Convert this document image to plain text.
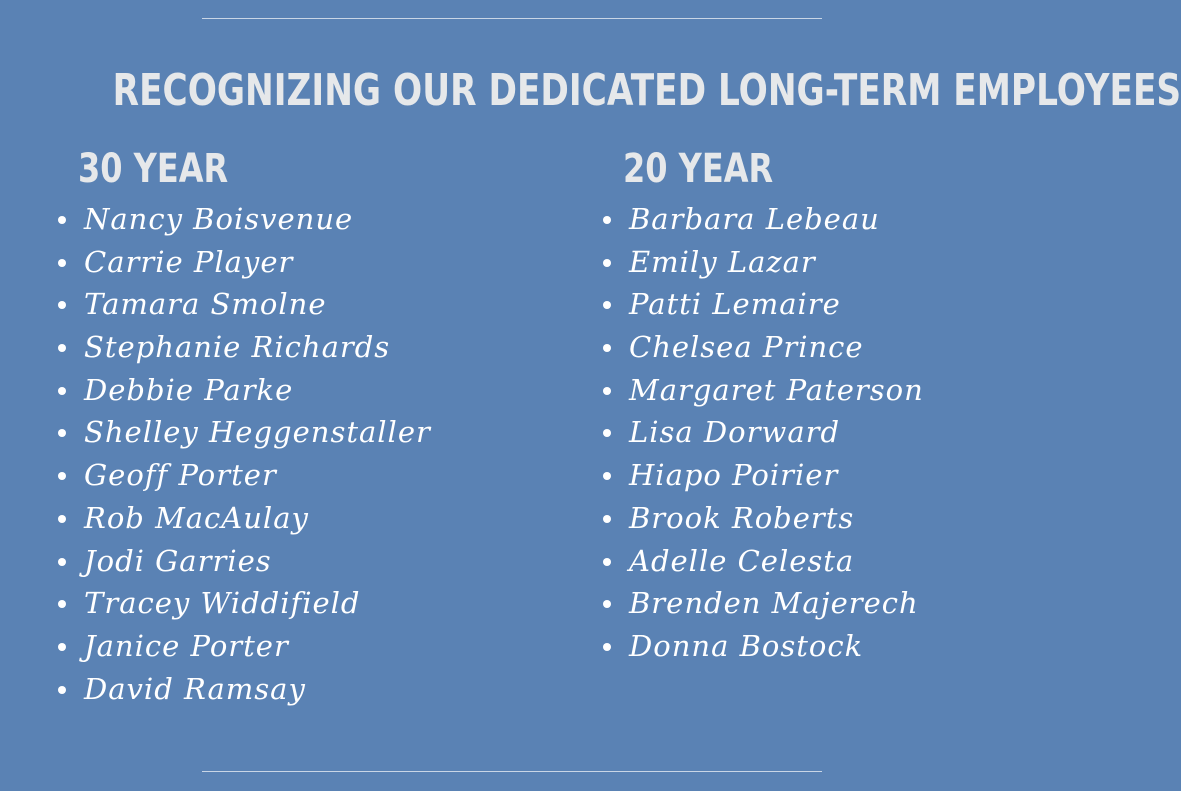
RECOGNIZING OUR DEDICATED LONG-TERM EMPLOYEES
30 YEAR
Nancy Boisvenue
Carrie Player
Tamara Smolne
Stephanie Richards
Debbie Parke
Shelley Heggenstaller
Geoff Porter
Rob MacAulay
Jodi Garries
Tracey Widdifield
Janice Porter
David Ramsay
20 YEAR
Barbara Lebeau
Emily Lazar
Patti Lemaire
Chelsea Prince
Margaret Paterson
Lisa Dorward
Hiapo Poirier
Brook Roberts
Adelle Celesta
Brenden Majerech
Donna Bostock
